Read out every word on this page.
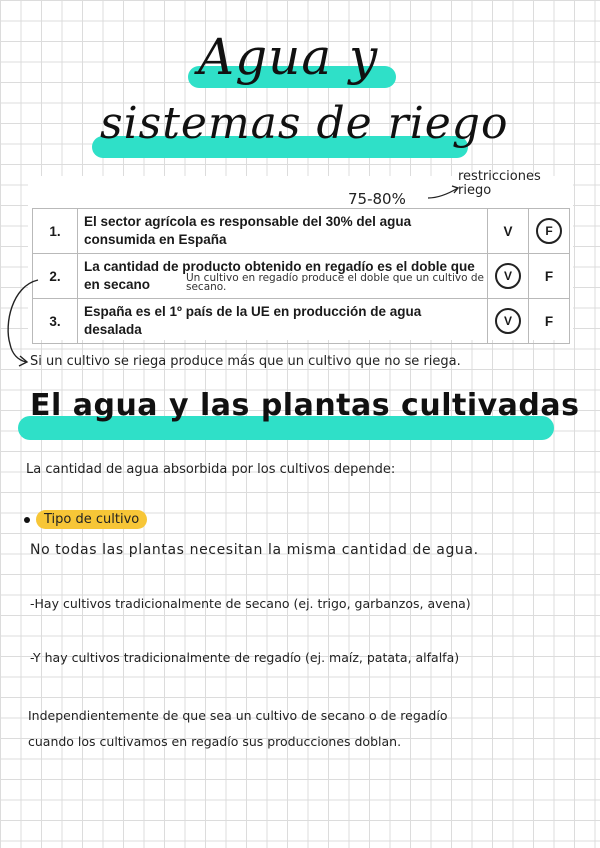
Agua y
sistemas de riego
75-80%
restricciones riego
1.	El sector agrícola es responsable del 30% del agua consumida en España	V	F
2.	La cantidad de producto obtenido en regadío es el doble que en secano Un cultivo en regadío produce el doble que un cultivo de secano.	V	F
3.	España es el 1º país de la UE en producción de agua desalada	V	F
Si un cultivo se riega produce más que un cultivo que no se riega.
El agua y las plantas cultivadas
La cantidad de agua absorbida por los cultivos depende:
Tipo de cultivo
No todas las plantas necesitan la misma cantidad de agua.
-Hay cultivos tradicionalmente de secano (ej. trigo, garbanzos, avena)
-Y hay cultivos tradicionalmente de regadío (ej. maíz, patata, alfalfa)
Independientemente de que sea un cultivo de secano o de regadío
cuando los cultivamos en regadío sus producciones doblan.
